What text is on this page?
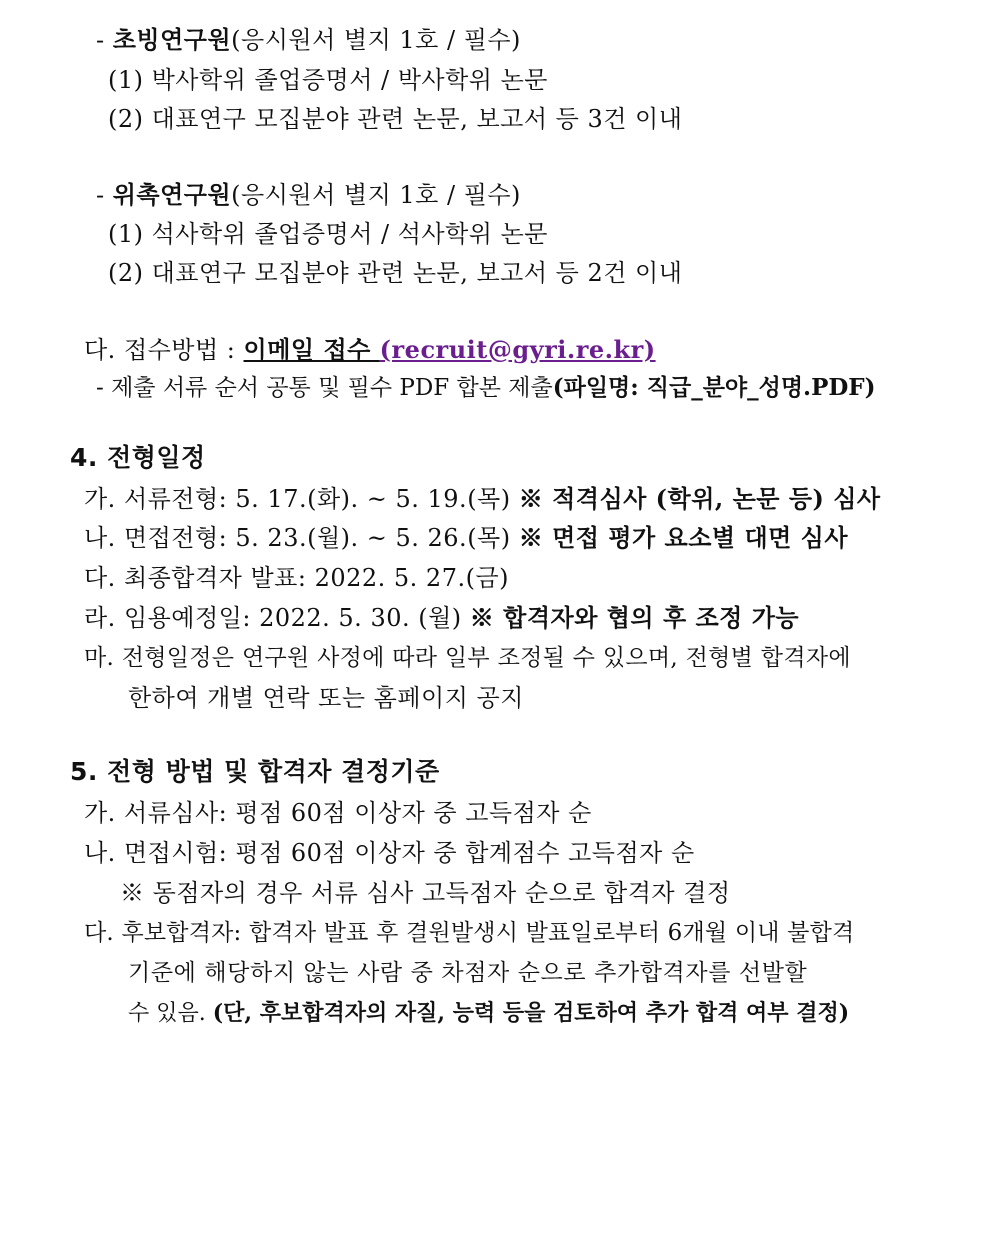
- 초빙연구원(응시원서 별지 1호 / 필수)
(1) 박사학위 졸업증명서 / 박사학위 논문
(2) 대표연구 모집분야 관련 논문, 보고서 등 3건 이내
- 위촉연구원(응시원서 별지 1호 / 필수)
(1) 석사학위 졸업증명서 / 석사학위 논문
(2) 대표연구 모집분야 관련 논문, 보고서 등 2건 이내
다. 접수방법 : 이메일 접수 (recruit@gyri.re.kr)
- 제출 서류 순서 공통 및 필수 PDF 합본 제출(파일명: 직급_분야_성명.PDF)
4. 전형일정
가. 서류전형: 5. 17.(화). ~ 5. 19.(목) ※ 적격심사 (학위, 논문 등) 심사
나. 면접전형: 5. 23.(월). ~ 5. 26.(목) ※ 면접 평가 요소별 대면 심사
다. 최종합격자 발표: 2022. 5. 27.(금)
라. 임용예정일: 2022. 5. 30. (월) ※ 합격자와 협의 후 조정 가능
마. 전형일정은 연구원 사정에 따라 일부 조정될 수 있으며, 전형별 합격자에
한하여 개별 연락 또는 홈페이지 공지
5. 전형 방법 및 합격자 결정기준
가. 서류심사: 평점 60점 이상자 중 고득점자 순
나. 면접시험: 평점 60점 이상자 중 합계점수 고득점자 순
※ 동점자의 경우 서류 심사 고득점자 순으로 합격자 결정
다. 후보합격자: 합격자 발표 후 결원발생시 발표일로부터 6개월 이내 불합격
기준에 해당하지 않는 사람 중 차점자 순으로 추가합격자를 선발할
수 있음. (단, 후보합격자의 자질, 능력 등을 검토하여 추가 합격 여부 결정)
